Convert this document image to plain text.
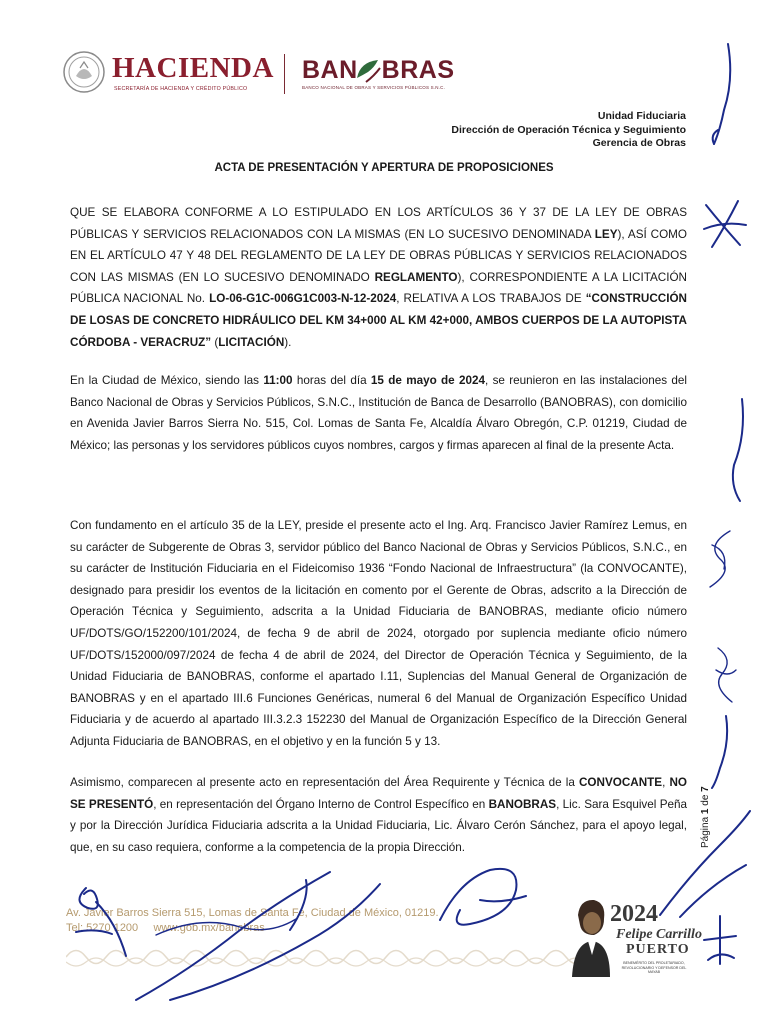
HACIENDA
SECRETARÍA DE HACIENDA Y CRÉDITO PÚBLICO
BAN BRAS
BANCO NACIONAL DE OBRAS Y SERVICIOS PÚBLICOS S.N.C.
Unidad Fiduciaria
Dirección de Operación Técnica y Seguimiento
Gerencia de Obras
ACTA DE PRESENTACIÓN Y APERTURA DE PROPOSICIONES
QUE SE ELABORA CONFORME A LO ESTIPULADO EN LOS ARTÍCULOS 36 Y 37 DE LA LEY DE OBRAS PÚBLICAS Y SERVICIOS RELACIONADOS CON LA MISMAS (EN LO SUCESIVO DENOMINADA LEY), ASÍ COMO EN EL ARTÍCULO 47 Y 48 DEL REGLAMENTO DE LA LEY DE OBRAS PÚBLICAS Y SERVICIOS RELACIONADOS CON LAS MISMAS (EN LO SUCESIVO DENOMINADO REGLAMENTO), CORRESPONDIENTE A LA LICITACIÓN PÚBLICA NACIONAL No. LO-06-G1C-006G1C003-N-12-2024, RELATIVA A LOS TRABAJOS DE “CONSTRUCCIÓN DE LOSAS DE CONCRETO HIDRÁULICO DEL KM 34+000 AL KM 42+000, AMBOS CUERPOS DE LA AUTOPISTA CÓRDOBA - VERACRUZ” (LICITACIÓN).
En la Ciudad de México, siendo las 11:00 horas del día 15 de mayo de 2024, se reunieron en las instalaciones del Banco Nacional de Obras y Servicios Públicos, S.N.C., Institución de Banca de Desarrollo (BANOBRAS), con domicilio en Avenida Javier Barros Sierra No. 515, Col. Lomas de Santa Fe, Alcaldía Álvaro Obregón, C.P. 01219, Ciudad de México; las personas y los servidores públicos cuyos nombres, cargos y firmas aparecen al final de la presente Acta.
Con fundamento en el artículo 35 de la LEY, preside el presente acto el Ing. Arq. Francisco Javier Ramírez Lemus, en su carácter de Subgerente de Obras 3, servidor público del Banco Nacional de Obras y Servicios Públicos, S.N.C., en su carácter de Institución Fiduciaria en el Fideicomiso 1936 “Fondo Nacional de Infraestructura” (la CONVOCANTE), designado para presidir los eventos de la licitación en comento por el Gerente de Obras, adscrito a la Dirección de Operación Técnica y Seguimiento, adscrita a la Unidad Fiduciaria de BANOBRAS, mediante oficio número UF/DOTS/GO/152200/101/2024, de fecha 9 de abril de 2024, otorgado por suplencia mediante oficio número UF/DOTS/152000/097/2024 de fecha 4 de abril de 2024, del Director de Operación Técnica y Seguimiento, de la Unidad Fiduciaria de BANOBRAS, conforme el apartado I.11, Suplencias del Manual General de Organización de BANOBRAS y en el apartado III.6 Funciones Genéricas, numeral 6 del Manual de Organización Específico Unidad Fiduciaria y de acuerdo al apartado III.3.2.3 152230 del Manual de Organización Específico de la Dirección General Adjunta Fiduciaria de BANOBRAS, en el objetivo y en la función 5 y 13.
Asimismo, comparecen al presente acto en representación del Área Requirente y Técnica de la CONVOCANTE, NO SE PRESENTÓ, en representación del Órgano Interno de Control Específico en BANOBRAS, Lic. Sara Esquivel Peña y por la Dirección Jurídica Fiduciaria adscrita a la Unidad Fiduciaria, Lic. Álvaro Cerón Sánchez, para el apoyo legal, que, en su caso requiera, conforme a la competencia de la propia Dirección.	Página 1 de 7
Av. Javier Barros Sierra 515, Lomas de Santa Fe, Ciudad de México, 01219.
Tel: 5270 1200 www.gob.mx/banobras
2024
Felipe Carrillo
PUERTO
BENEMÉRITO DEL PROLETARIADO, REVOLUCIONARIO Y DEFENSOR DEL MAYAB
